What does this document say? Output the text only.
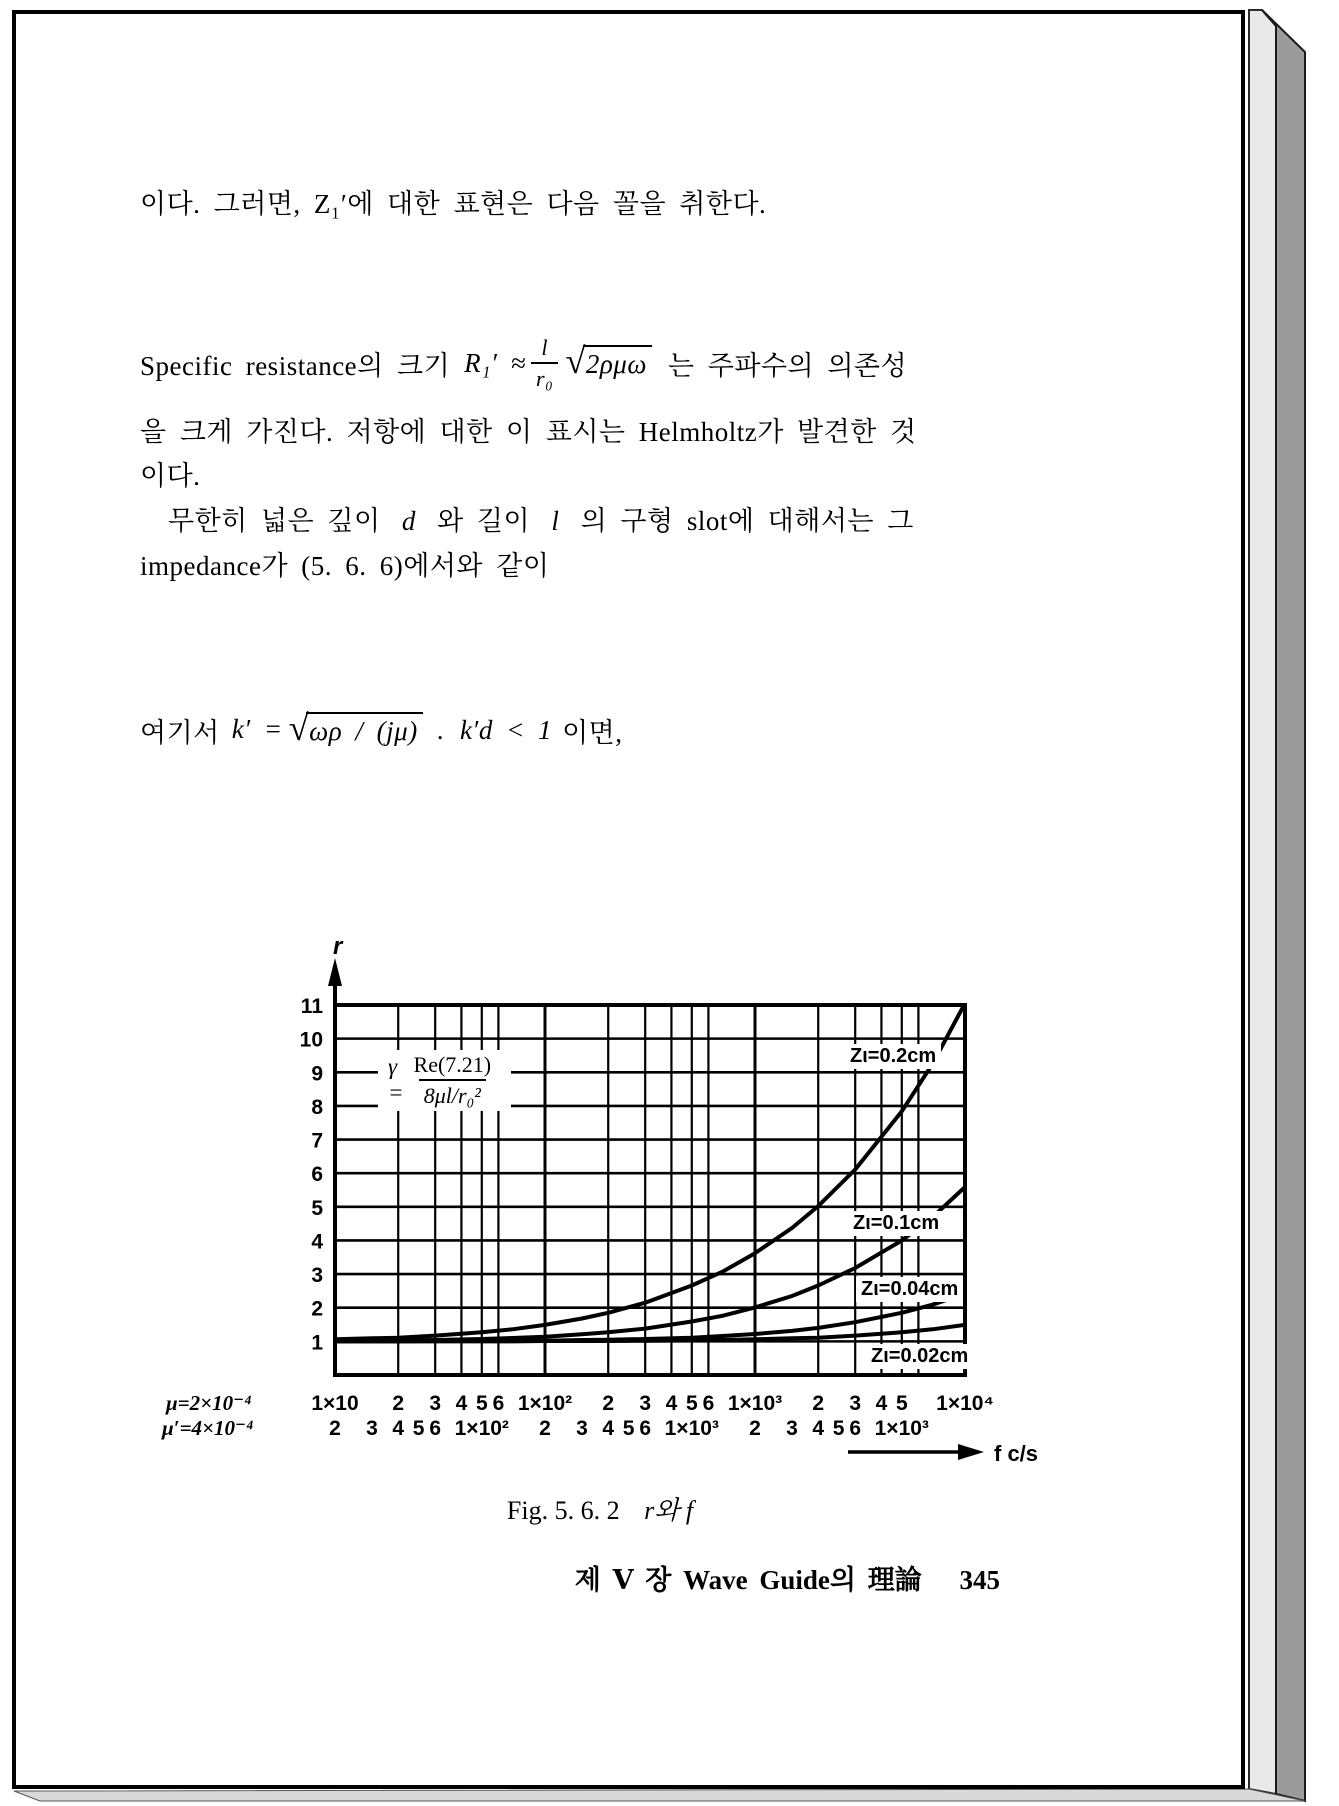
이다. 그러면, Z₁′에 대한 표현은 다음 꼴을 취한다.
Specific resistance의 크기 $R_1' \approx \frac{l}{\text{r₀}}$ √ 2ρμω 는 주파수의 의존성
을 크게 가진다. 저항에 대한 이 표시는 Helmholtz가 발견한 것
이다.
무한히 넓은 깊이 d 와 길이 l 의 구형 slot에 대해서는 그
impedance가 (5. 6. 6)에서와 같이
여기서 k′ = √ ωρ / (jμ) . k′d < 1 이면,
r
1
2
3
4
5
6
7
8
9
10
11
μ=2×10⁻⁴	1×10 2 3 4 5 6 1×10² 2 3 4 5 6 1×10³ 2 3 4 5 1×10⁴
μ′=4×10⁻⁴	2 3 4 5 6 1×10² 2 3 4 5 6 1×10³ 2 3 4 5 6 1×10³
f c/s
$\gamma = \frac{Re(7.21)}{\text{8μl/r₀²}}$	Zι=0.2cm
Zι=0.1cm
Zι=0.04cm
Zι=0.02cm
Fig. 5. 6. 2 r와 f
제 Ⅴ 장 Wave Guide의 理論 345
